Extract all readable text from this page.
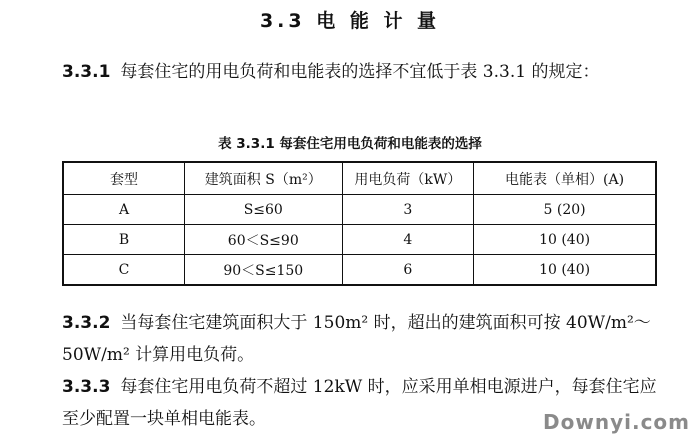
3.3 电 能 计 量
3.3.1 每套住宅的用电负荷和电能表的选择不宜低于表 3.3.1 的规定：
表 3.3.1 每套住宅用电负荷和电能表的选择
套型	建筑面积 S（m²）	用电负荷（kW）	电能表（单相）(A)
A	S≤60	3	5 (20)
B	60＜S≤90	4	10 (40)
C	90＜S≤150	6	10 (40)
3.3.2 当每套住宅建筑面积大于 150m² 时，超出的建筑面积可按 40W/m²～50W/m² 计算用电负荷。
3.3.3 每套住宅用电负荷不超过 12kW 时，应采用单相电源进户，每套住宅应至少配置一块单相电能表。	Downyi.com
